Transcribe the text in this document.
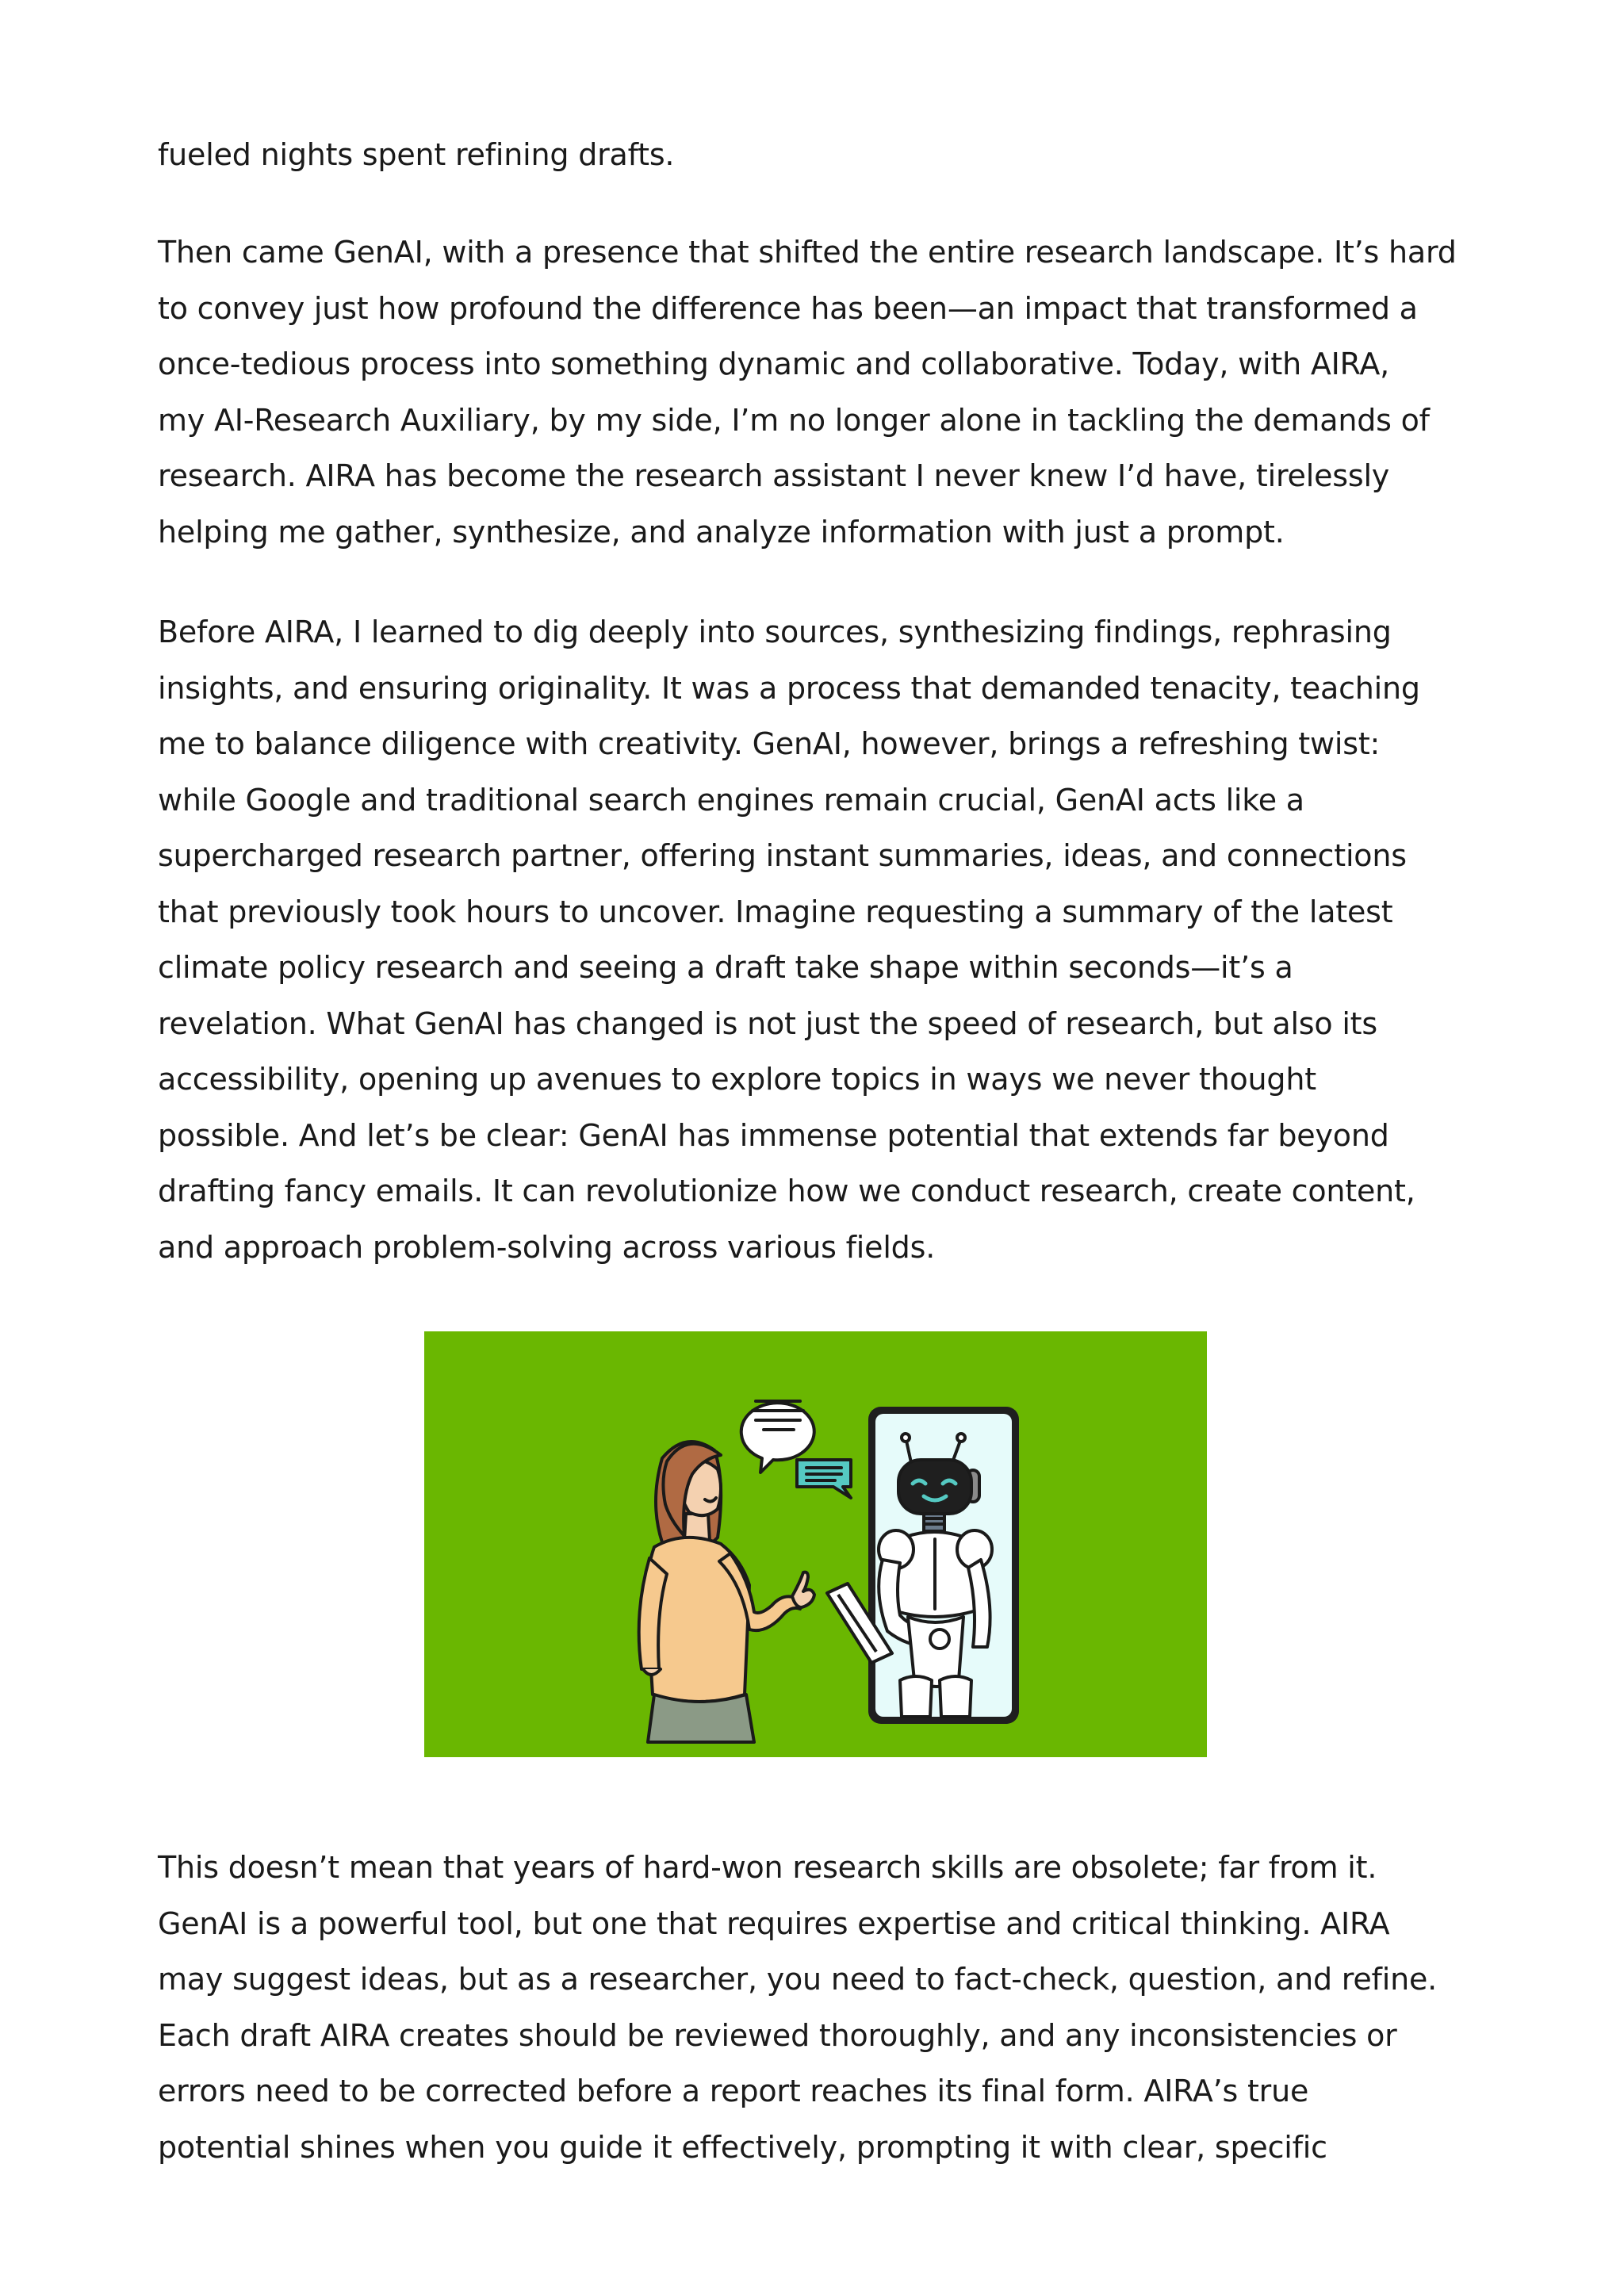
fueled nights spent refining drafts.

Then came GenAI, with a presence that shifted the entire research landscape. It’s hard
to convey just how profound the difference has been—an impact that transformed a
once-tedious process into something dynamic and collaborative. Today, with AIRA,
my AI-Research Auxiliary, by my side, I’m no longer alone in tackling the demands of
research. AIRA has become the research assistant I never knew I’d have, tirelessly
helping me gather, synthesize, and analyze information with just a prompt.

Before AIRA, I learned to dig deeply into sources, synthesizing findings, rephrasing
insights, and ensuring originality. It was a process that demanded tenacity, teaching
me to balance diligence with creativity. GenAI, however, brings a refreshing twist:
while Google and traditional search engines remain crucial, GenAI acts like a
supercharged research partner, offering instant summaries, ideas, and connections
that previously took hours to uncover. Imagine requesting a summary of the latest
climate policy research and seeing a draft take shape within seconds—it’s a
revelation. What GenAI has changed is not just the speed of research, but also its
accessibility, opening up avenues to explore topics in ways we never thought
possible. And let’s be clear: GenAI has immense potential that extends far beyond
drafting fancy emails. It can revolutionize how we conduct research, create content,
and approach problem-solving across various fields.

This doesn’t mean that years of hard-won research skills are obsolete; far from it.
GenAI is a powerful tool, but one that requires expertise and critical thinking. AIRA
may suggest ideas, but as a researcher, you need to fact-check, question, and refine.
Each draft AIRA creates should be reviewed thoroughly, and any inconsistencies or
errors need to be corrected before a report reaches its final form. AIRA’s true
potential shines when you guide it effectively, prompting it with clear, specific
